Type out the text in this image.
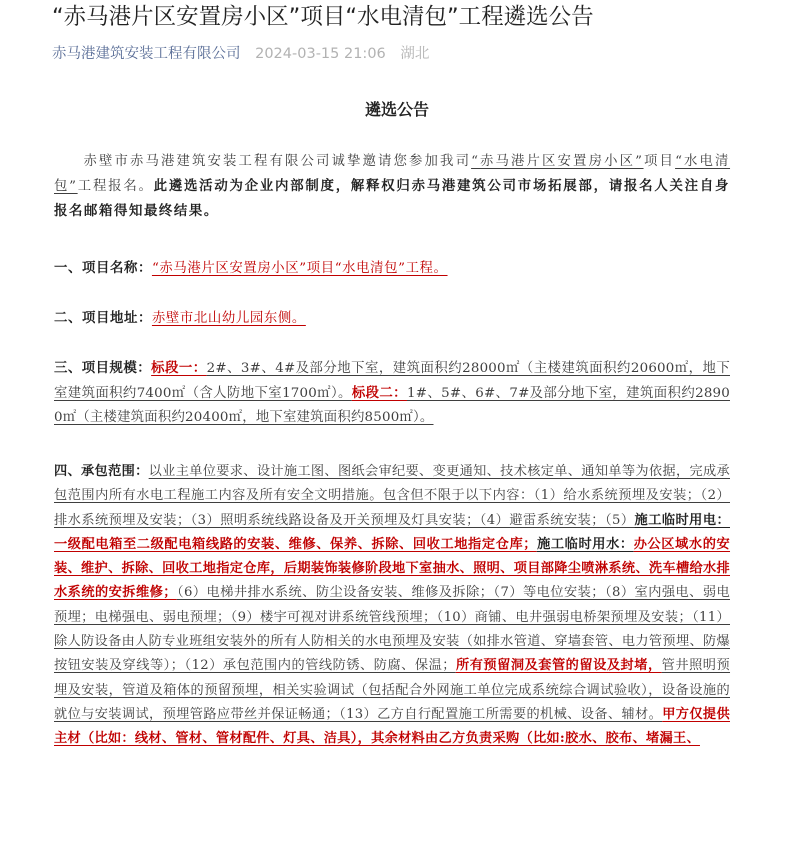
“赤马港片区安置房小区”项目“水电清包”工程遴选公告
赤马港建筑安装工程有限公司 2024-03-15 21:06 湖北
遴选公告
赤壁市赤马港建筑安装工程有限公司诚挚邀请您参加我司“赤马港片区安置房小区”项目“水电清包”工程报名。此遴选活动为企业内部制度，解释权归赤马港建筑公司市场拓展部，请报名人关注自身报名邮箱得知最终结果。
一、项目名称：“赤马港片区安置房小区”项目“水电清包”工程。
二、项目地址：赤壁市北山幼儿园东侧。
三、项目规模：标段一：2#、3#、4#及部分地下室，建筑面积约28000㎡（主楼建筑面积约20600㎡，地下室建筑面积约7400㎡（含人防地下室1700㎡）。标段二：1#、5#、6#、7#及部分地下室，建筑面积约28900㎡（主楼建筑面积约20400㎡，地下室建筑面积约8500㎡）。
四、承包范围：以业主单位要求、设计施工图、图纸会审纪要、变更通知、技术核定单、通知单等为依据，完成承包范围内所有水电工程施工内容及所有安全文明措施。包含但不限于以下内容：（1）给水系统预埋及安装；（2）排水系统预埋及安装；（3）照明系统线路设备及开关预埋及灯具安装；（4）避雷系统安装；（5）施工临时用电：一级配电箱至二级配电箱线路的安装、维修、保养、拆除、回收工地指定仓库；施工临时用水：办公区域水的安装、维护、拆除、回收工地指定仓库，后期装饰装修阶段地下室抽水、照明、项目部降尘喷淋系统、洗车槽给水排水系统的安拆维修；（6）电梯井排水系统、防尘设备安装、维修及拆除；（7）等电位安装；（8）室内强电、弱电预埋；电梯强电、弱电预埋；（9）楼宇可视对讲系统管线预埋；（10）商铺、电井强弱电桥架预埋及安装；（11）除人防设备由人防专业班组安装外的所有人防相关的水电预埋及安装（如排水管道、穿墙套管、电力管预埋、防爆按钮安装及穿线等）；（12）承包范围内的管线防锈、防腐、保温；所有预留洞及套管的留设及封堵，管井照明预埋及安装，管道及箱体的预留预埋，相关实验调试（包括配合外网施工单位完成系统综合调试验收），设备设施的就位与安装调试，预埋管路应带丝并保证畅通；（13）乙方自行配置施工所需要的机械、设备、辅材。甲方仅提供主材（比如：线材、管材、管材配件、灯具、洁具），其余材料由乙方负责采购（比如:胶水、胶布、堵漏王、
